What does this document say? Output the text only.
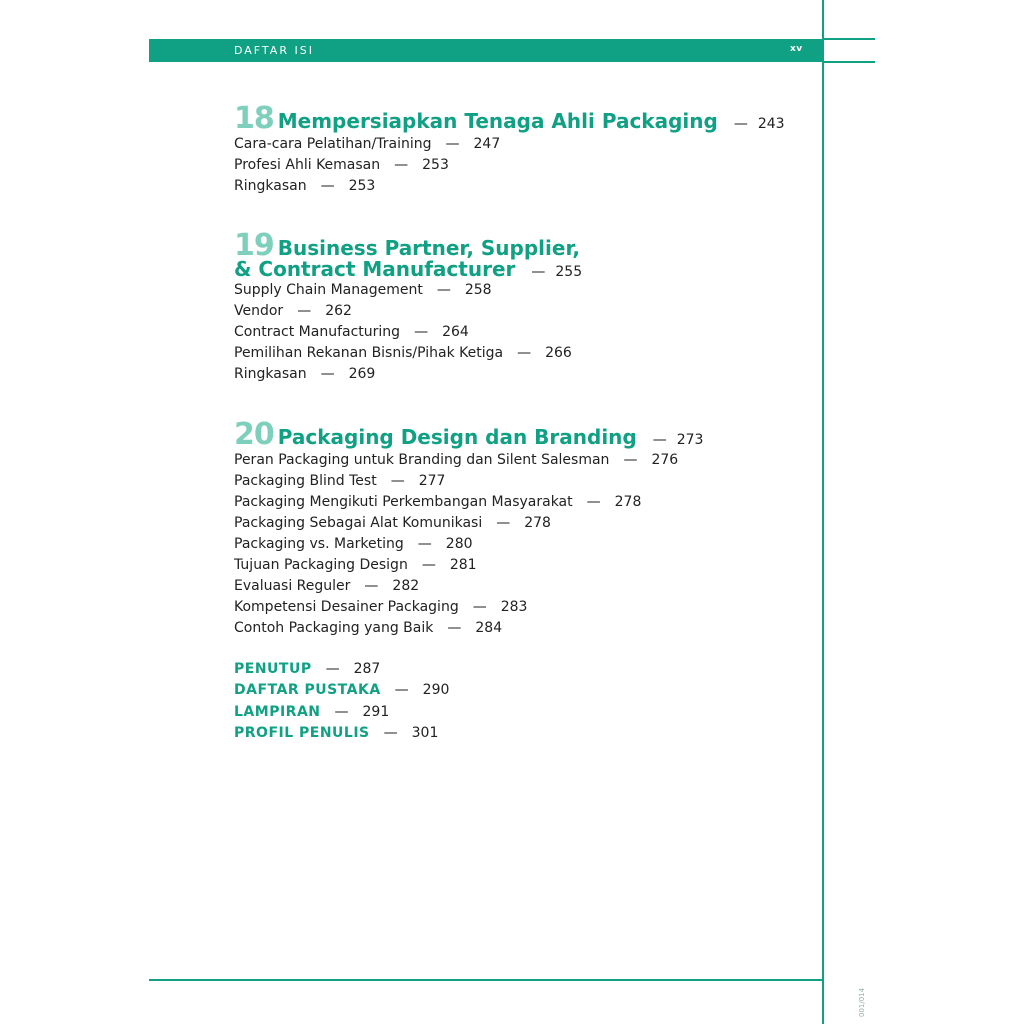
DAFTAR ISI	xv
18 Mempersiapkan Tenaga Ahli Packaging — 243
Cara-cara Pelatihan/Training — 247
Profesi Ahli Kemasan — 253
Ringkasan — 253
19 Business Partner, Supplier,
& Contract Manufacturer — 255
Supply Chain Management — 258
Vendor — 262
Contract Manufacturing — 264
Pemilihan Rekanan Bisnis/Pihak Ketiga — 266
Ringkasan — 269
20 Packaging Design dan Branding — 273
Peran Packaging untuk Branding dan Silent Salesman — 276
Packaging Blind Test — 277
Packaging Mengikuti Perkembangan Masyarakat — 278
Packaging Sebagai Alat Komunikasi — 278
Packaging vs. Marketing — 280
Tujuan Packaging Design — 281
Evaluasi Reguler — 282
Kompetensi Desainer Packaging — 283
Contoh Packaging yang Baik — 284
PENUTUP — 287
DAFTAR PUSTAKA — 290
LAMPIRAN — 291
PROFIL PENULIS — 301
001/014
